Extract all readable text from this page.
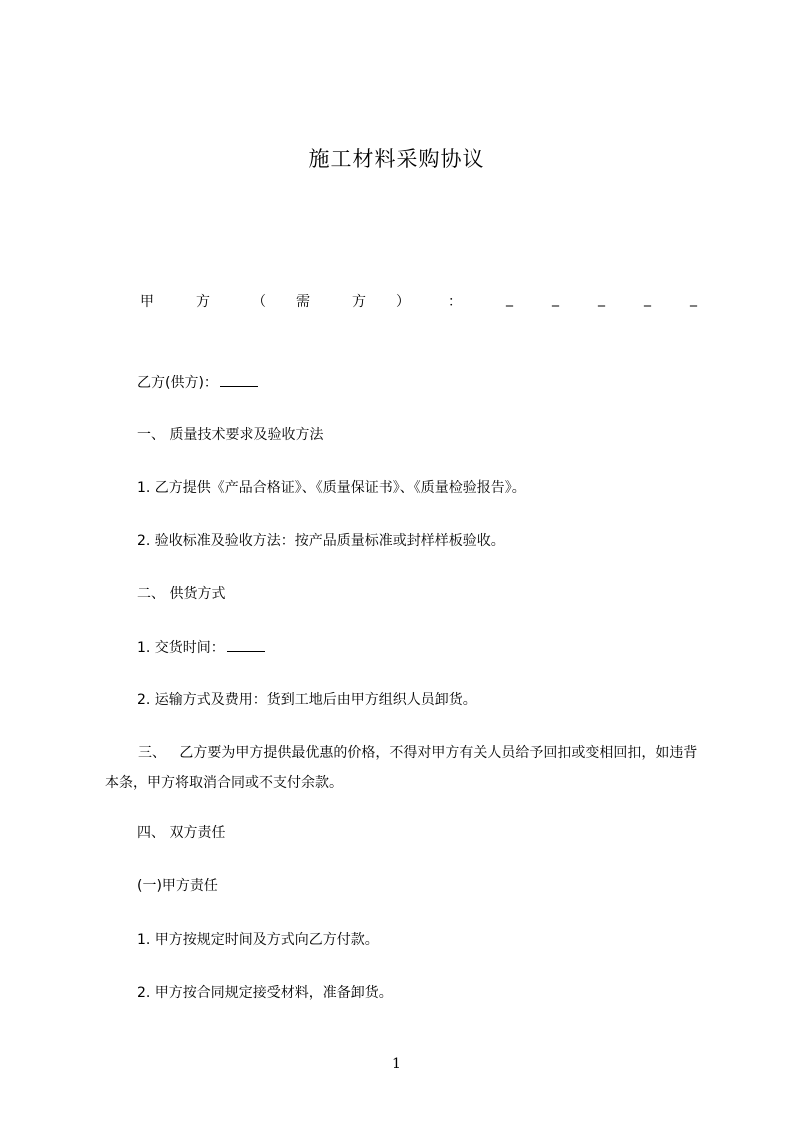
施工材料采购协议
甲	方	（ 需	方 ）	：	_	_	_	_	_
乙方(供方)：
一、 质量技术要求及验收方法
1. 乙方提供《产品合格证》、《质量保证书》、《质量检验报告》。
2. 验收标准及验收方法：按产品质量标准或封样样板验收。
二、 供货方式
1. 交货时间：
2. 运输方式及费用：货到工地后由甲方组织人员卸货。
三、 乙方要为甲方提供最优惠的价格，不得对甲方有关人员给予回扣或变相回扣，如违背本条，甲方将取消合同或不支付余款。
四、 双方责任
(一)甲方责任
1. 甲方按规定时间及方式向乙方付款。
2. 甲方按合同规定接受材料，准备卸货。
1
